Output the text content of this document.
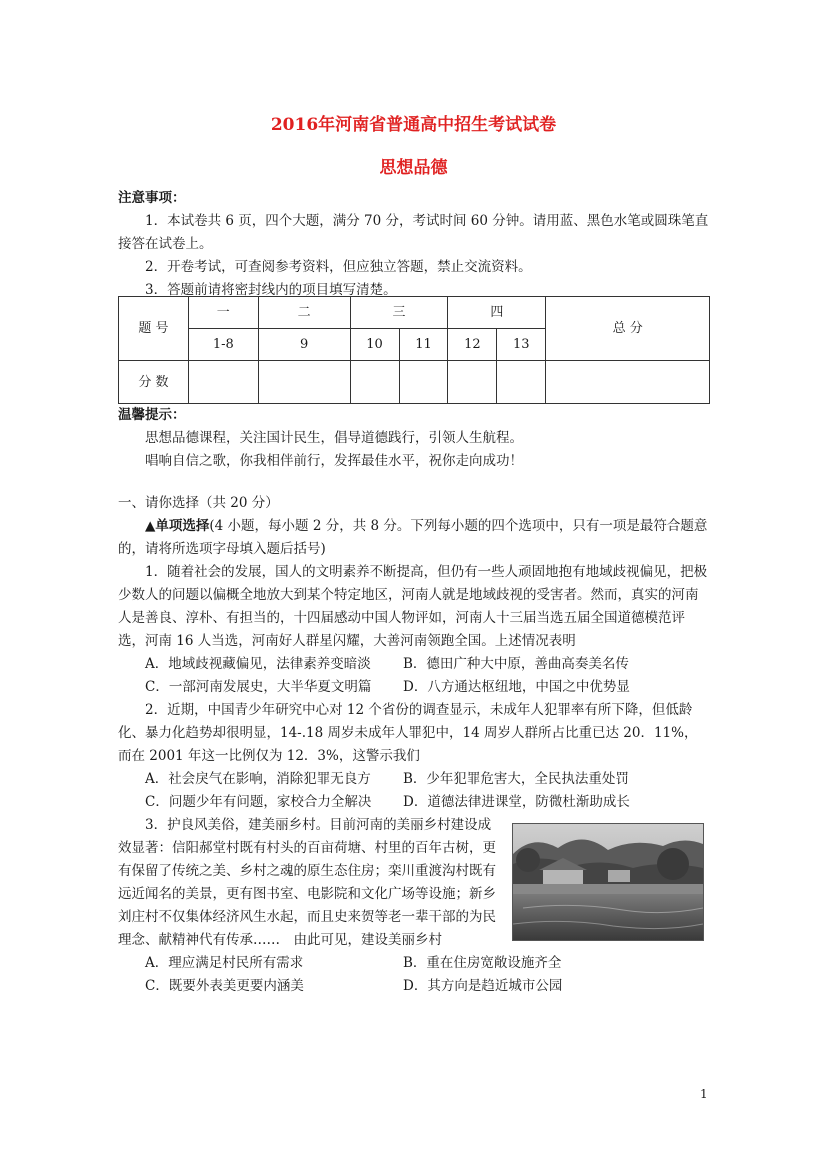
2016年河南省普通高中招生考试试卷
思想品德
注意事项：
1．本试卷共 6 页，四个大题，满分 70 分，考试时间 60 分钟。请用蓝、黑色水笔或圆珠笔直接答在试卷上。
2．开卷考试，可查阅参考资料，但应独立答题，禁止交流资料。
3．答题前请将密封线内的项目填写清楚。
题 号	一	二	三		四		总 分
	1-8	9	10	11	12	13	
分 数							
温馨提示：
思想品德课程，关注国计民生，倡导道德践行，引领人生航程。
唱响自信之歌，你我相伴前行，发挥最佳水平，祝你走向成功！
一、请你选择（共 20 分）
▲单项选择(4 小题，每小题 2 分，共 8 分。下列每小题的四个选项中，只有一项是最符合题意的，请将所选项字母填入题后括号)
1．随着社会的发展，国人的文明素养不断提高，但仍有一些人顽固地抱有地域歧视偏见，把极少数人的问题以偏概全地放大到某个特定地区，河南人就是地域歧视的受害者。然而，真实的河南人是善良、淳朴、有担当的，十四届感动中国人物评如，河南人十三届当选五届全国道德模范评选，河南 16 人当选，河南好人群星闪耀，大善河南领跑全国。上述情况表明
A．地域歧视藏偏见，法律素养变暗淡	B．德田广种大中原，善曲高奏美名传
C．一部河南发展史，大半华夏文明篇	D．八方通达枢纽地，中国之中优势显
2．近期，中国青少年研究中心对 12 个省份的调查显示，未成年人犯罪率有所下降，但低龄化、暴力化趋势却很明显，14-.18 周岁未成年人罪犯中，14 周岁人群所占比重已达 20．11%，而在 2001 年这一比例仅为 12．3%，这警示我们
A．社会戾气在影响，消除犯罪无良方	B．少年犯罪危害大，全民执法重处罚
C．问题少年有问题，家校合力全解决	D．道德法律进课堂，防微杜渐助成长
3．护良风美俗，建美丽乡村。目前河南的美丽乡村建设成效显著：信阳郝堂村既有村头的百亩荷塘、村里的百年古树，更有保留了传统之美、乡村之魂的原生态住房；栾川重渡沟村既有远近闻名的美景，更有图书室、电影院和文化广场等设施；新乡刘庄村不仅集体经济风生水起，而且史来贺等老一辈干部的为民理念、献精神代有传承……　由此可见，建设美丽乡村
A．理应满足村民所有需求	B．重在住房宽敞设施齐全
C．既要外表美更要内涵美	D．其方向是趋近城市公园
1
